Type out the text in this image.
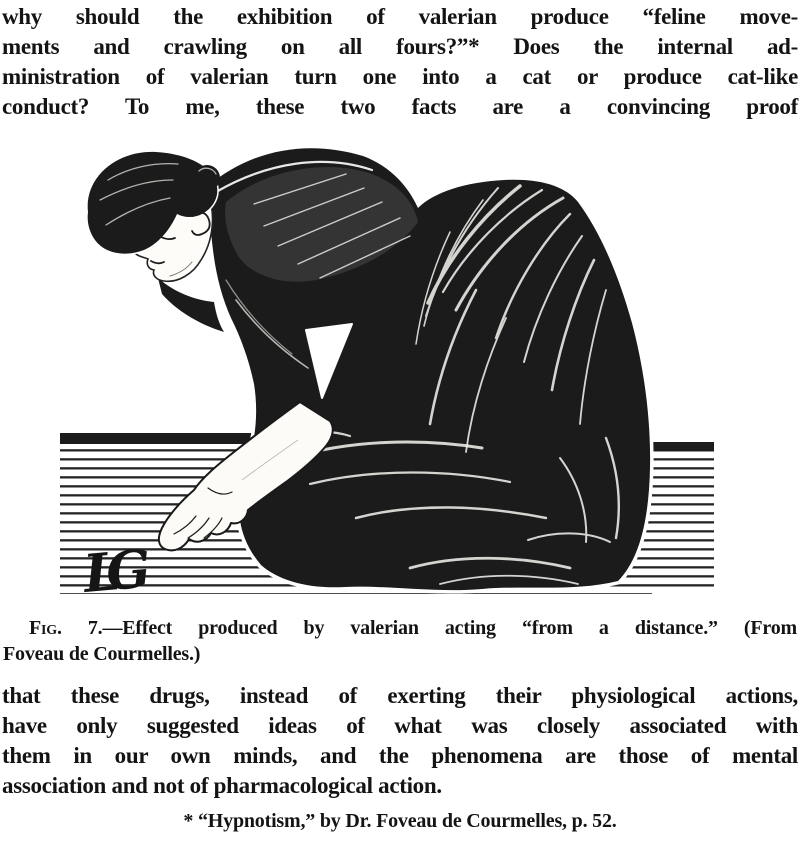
why should the exhibition of valerian produce “feline move-
ments and crawling on all fours?”* Does the internal ad-
ministration of valerian turn one into a cat or produce cat-like
conduct? To me, these two facts are a convincing proof
LG
Fig. 7.—Effect produced by valerian acting “from a distance.” (From
Foveau de Courmelles.)
that these drugs, instead of exerting their physiological actions,
have only suggested ideas of what was closely associated with
them in our own minds, and the phenomena are those of mental
association and not of pharmacological action.
* “Hypnotism,” by Dr. Foveau de Courmelles, p. 52.
